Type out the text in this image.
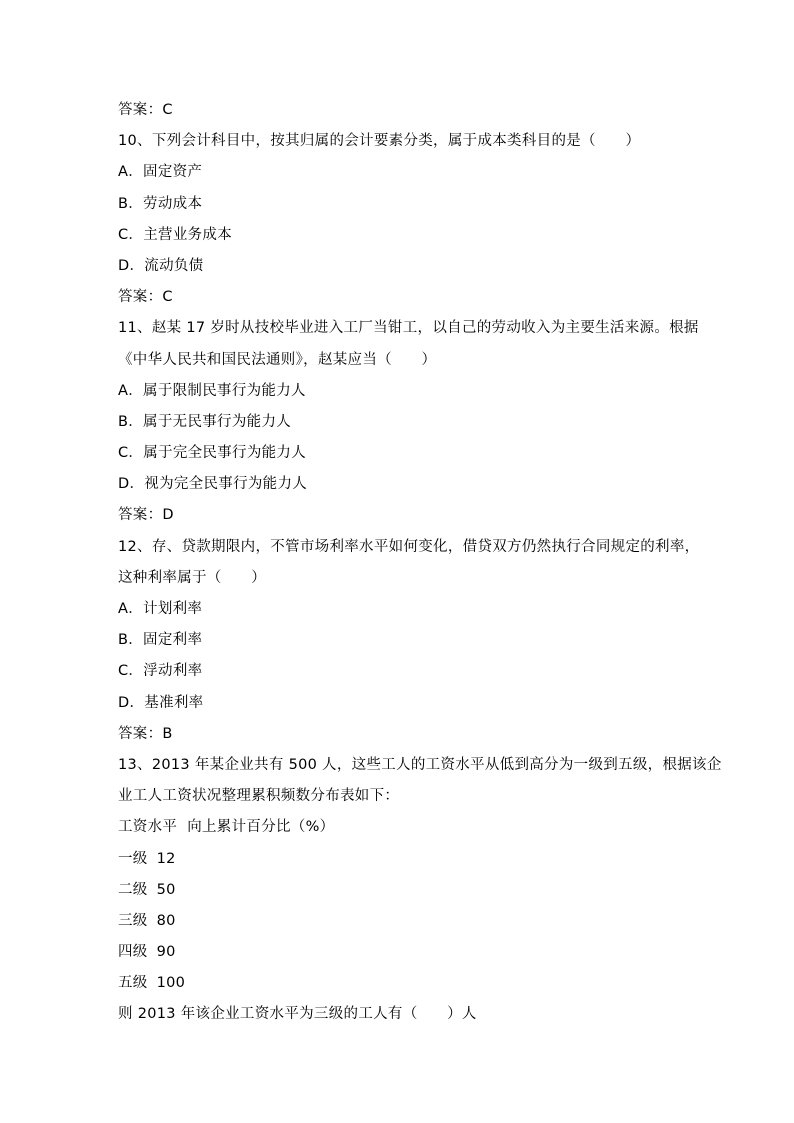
答案：C
10、下列会计科目中，按其归属的会计要素分类，属于成本类科目的是（　　）
A．固定资产
B．劳动成本
C．主营业务成本
D．流动负债
答案：C
11、赵某 17 岁时从技校毕业进入工厂当钳工，以自己的劳动收入为主要生活来源。根据
《中华人民共和国民法通则》，赵某应当（　　）
A．属于限制民事行为能力人
B．属于无民事行为能力人
C．属于完全民事行为能力人
D．视为完全民事行为能力人
答案：D
12、存、贷款期限内，不管市场利率水平如何变化，借贷双方仍然执行合同规定的利率，
这种利率属于（　　）
A．计划利率
B．固定利率
C．浮动利率
D．基准利率
答案：B
13、2013 年某企业共有 500 人，这些工人的工资水平从低到高分为一级到五级，根据该企
业工人工资状况整理累积频数分布表如下：
工资水平 向上累计百分比（%）
一级 12
二级 50
三级 80
四级 90
五级 100
则 2013 年该企业工资水平为三级的工人有（　　）人
